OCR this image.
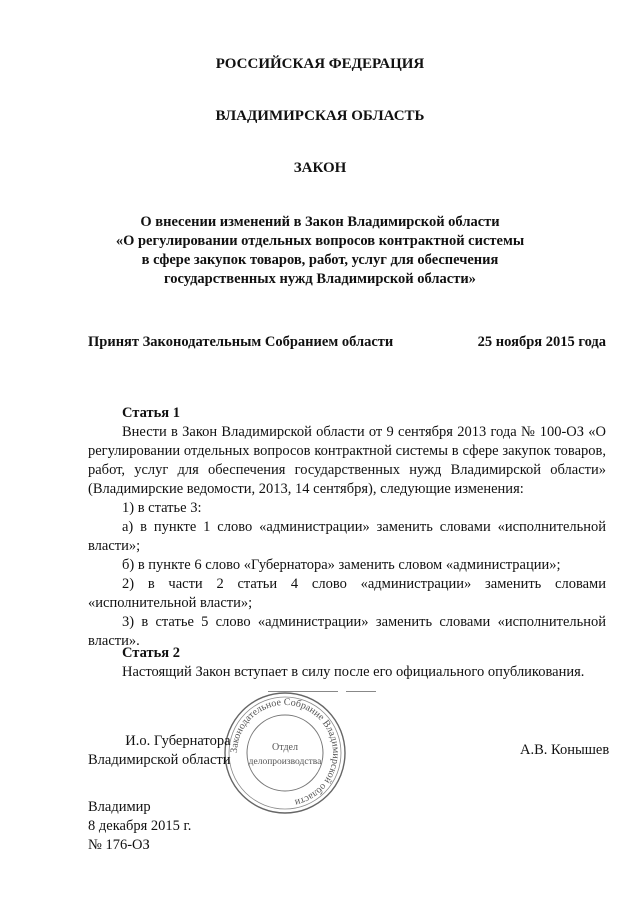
РОССИЙСКАЯ ФЕДЕРАЦИЯ
ВЛАДИМИРСКАЯ ОБЛАСТЬ
ЗАКОН
О внесении изменений в Закон Владимирской области
«О регулировании отдельных вопросов контрактной системы
в сфере закупок товаров, работ, услуг для обеспечения
государственных нужд Владимирской области»
Принят Законодательным Собранием области	25 ноября 2015 года

Статья 1

Внести в Закон Владимирской области от 9 сентября 2013 года № 100-ОЗ «О регулировании отдельных вопросов контрактной системы в сфере закупок товаров, работ, услуг для обеспечения государственных нужд Владимирской области» (Владимирские ведомости, 2013, 14 сентября), следующие изменения:

1) в статье 3:

а) в пункте 1 слово «администрации» заменить словами «исполнительной власти»;

б) в пункте 6 слово «Губернатора» заменить словом «администрации»;

2) в части 2 статьи 4 слово «администрации» заменить словами «исполнительной власти»;

3) в статье 5 слово «администрации» заменить словами «исполнительной власти».

Статья 2

Настоящий Закон вступает в силу после его официального опубликования.

Законодательное Собрание Владимирской области
Отдел
делопроизводства
И.о. Губернатора
Владимирской области
А.В. Конышев
Владимир
8 декабря 2015 г.
№ 176-ОЗ
